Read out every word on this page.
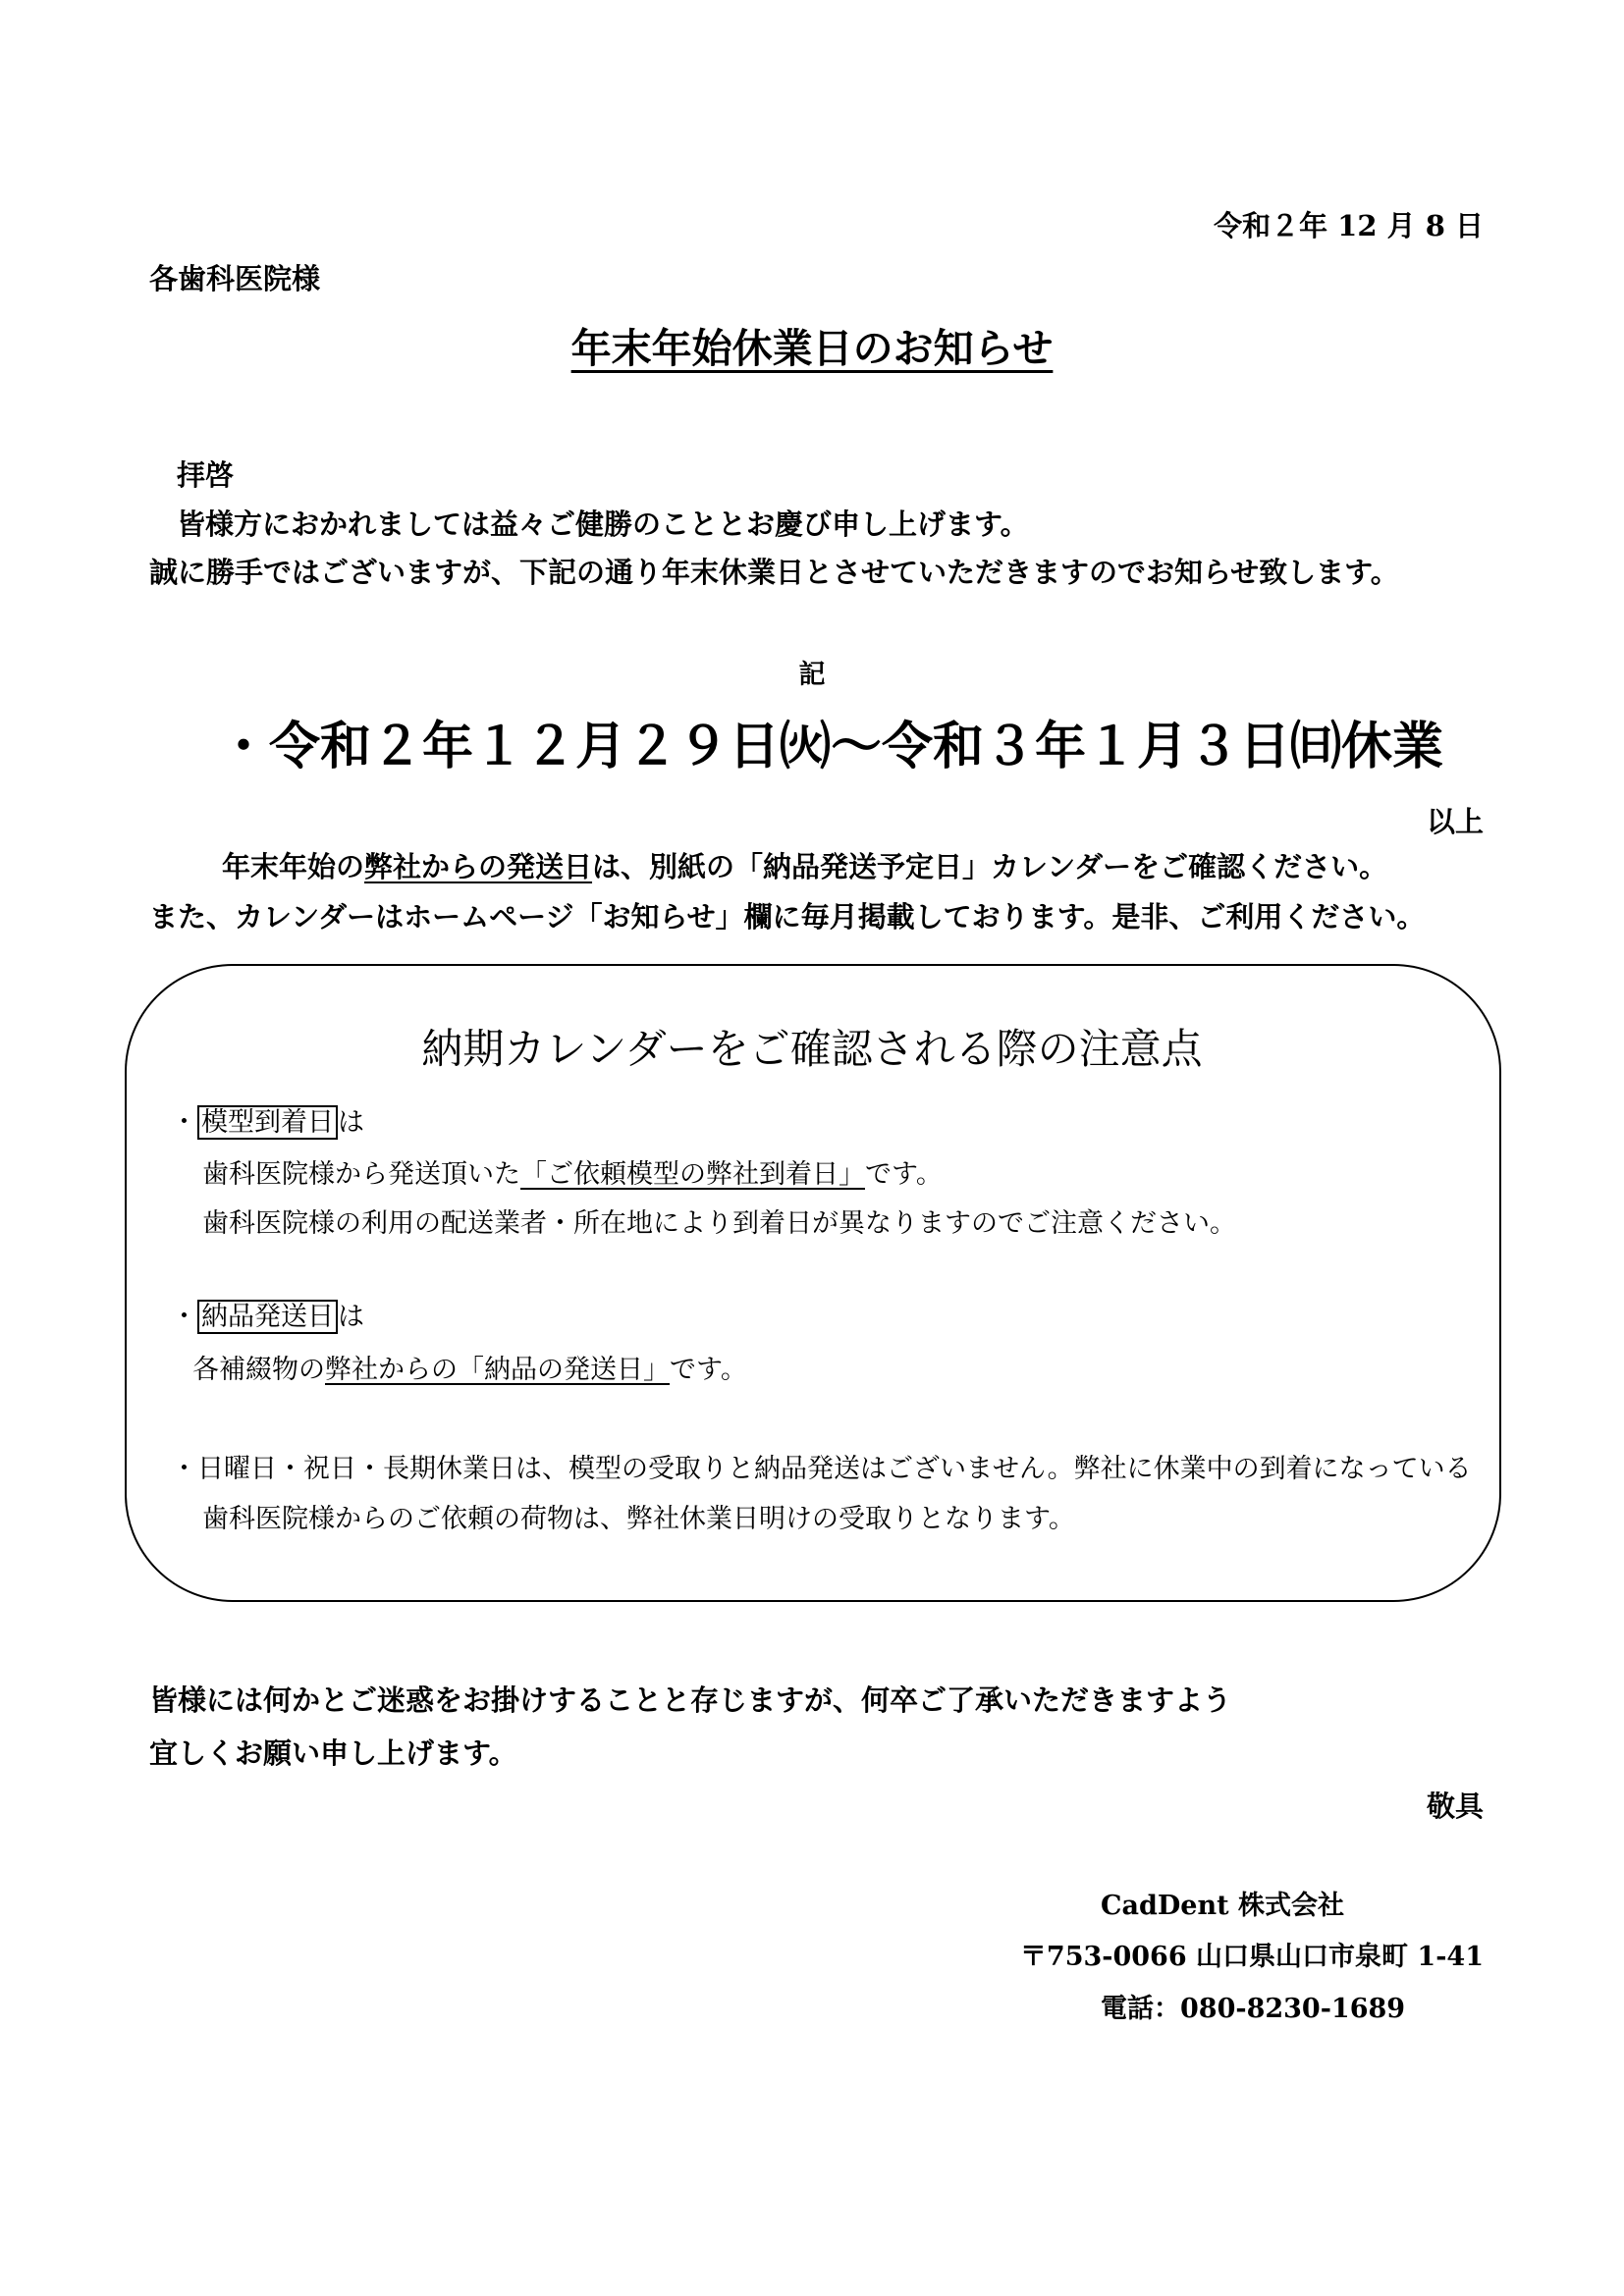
令和２年 12 月 8 日
各歯科医院様
年末年始休業日のお知らせ
拝啓
皆様方におかれましては益々ご健勝のこととお慶び申し上げます。
誠に勝手ではございますが、下記の通り年末休業日とさせていただきますのでお知らせ致します。
記
・令和２年１２月２９日㈫～令和３年１月３日㈰休業
以上
年末年始の弊社からの発送日は、別紙の「納品発送予定日」カレンダーをご確認ください。
また、カレンダーはホームページ「お知らせ」欄に毎月掲載しております。是非、ご利用ください。
納期カレンダーをご確認される際の注意点
・ 模型到着日 は
歯科医院様から発送頂いた「ご依頼模型の弊社到着日」です。
歯科医院様の利用の配送業者・所在地により到着日が異なりますのでご注意ください。
・ 納品発送日 は
各補綴物の弊社からの「納品の発送日」です。
・日曜日・祝日・長期休業日は、模型の受取りと納品発送はございません。弊社に休業中の到着になっている
歯科医院様からのご依頼の荷物は、弊社休業日明けの受取りとなります。
皆様には何かとご迷惑をお掛けすることと存じますが、何卒ご了承いただきますよう
宜しくお願い申し上げます。
敬具
CadDent 株式会社
〒753-0066 山口県山口市泉町 1-41
電話：080-8230-1689
